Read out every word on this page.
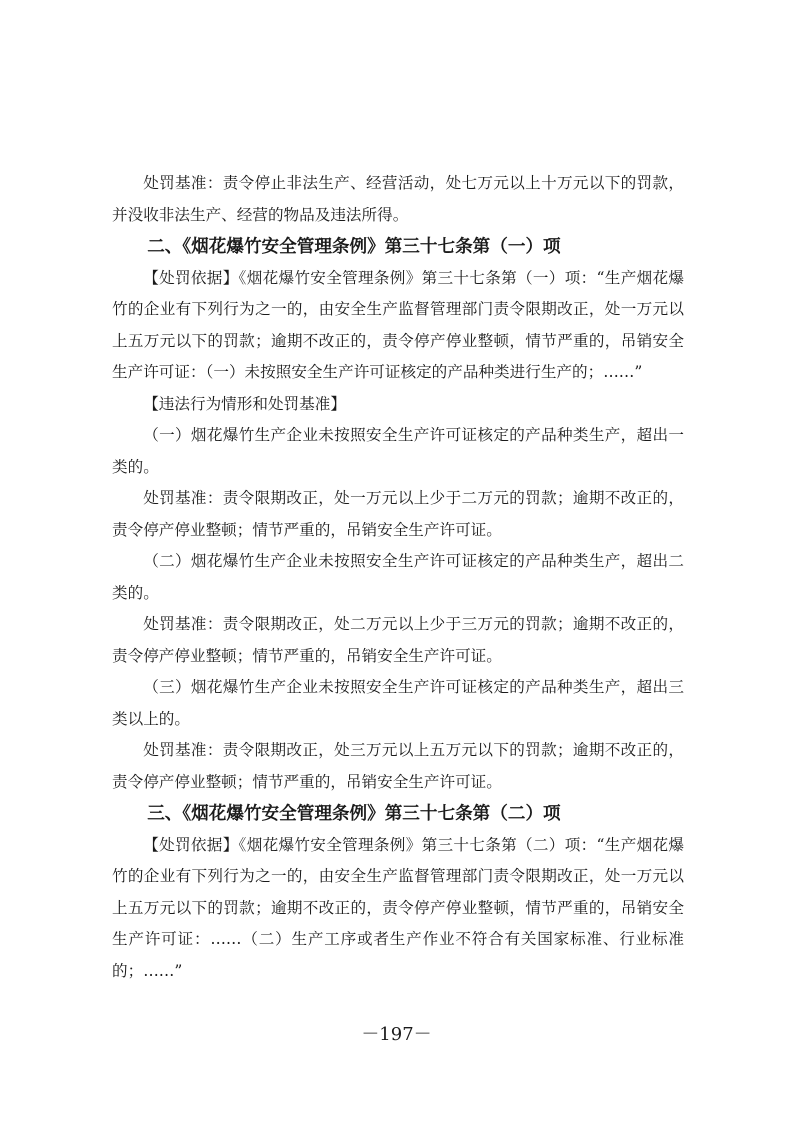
处罚基准：责令停止非法生产、经营活动，处七万元以上十万元以下的罚款，并没收非法生产、经营的物品及违法所得。

二、《烟花爆竹安全管理条例》第三十七条第（一）项

【处罚依据】《烟花爆竹安全管理条例》第三十七条第（一）项：“生产烟花爆竹的企业有下列行为之一的，由安全生产监督管理部门责令限期改正，处一万元以上五万元以下的罚款；逾期不改正的，责令停产停业整顿，情节严重的，吊销安全生产许可证：（一）未按照安全生产许可证核定的产品种类进行生产的；……”

【违法行为情形和处罚基准】

（一）烟花爆竹生产企业未按照安全生产许可证核定的产品种类生产，超出一类的。

处罚基准：责令限期改正，处一万元以上少于二万元的罚款；逾期不改正的，责令停产停业整顿；情节严重的，吊销安全生产许可证。

（二）烟花爆竹生产企业未按照安全生产许可证核定的产品种类生产，超出二类的。

处罚基准：责令限期改正，处二万元以上少于三万元的罚款；逾期不改正的，责令停产停业整顿；情节严重的，吊销安全生产许可证。

（三）烟花爆竹生产企业未按照安全生产许可证核定的产品种类生产，超出三类以上的。

处罚基准：责令限期改正，处三万元以上五万元以下的罚款；逾期不改正的，责令停产停业整顿；情节严重的，吊销安全生产许可证。

三、《烟花爆竹安全管理条例》第三十七条第（二）项

【处罚依据】《烟花爆竹安全管理条例》第三十七条第（二）项：“生产烟花爆竹的企业有下列行为之一的，由安全生产监督管理部门责令限期改正，处一万元以上五万元以下的罚款；逾期不改正的，责令停产停业整顿，情节严重的，吊销安全生产许可证：……（二）生产工序或者生产作业不符合有关国家标准、行业标准的；……”

－197－
